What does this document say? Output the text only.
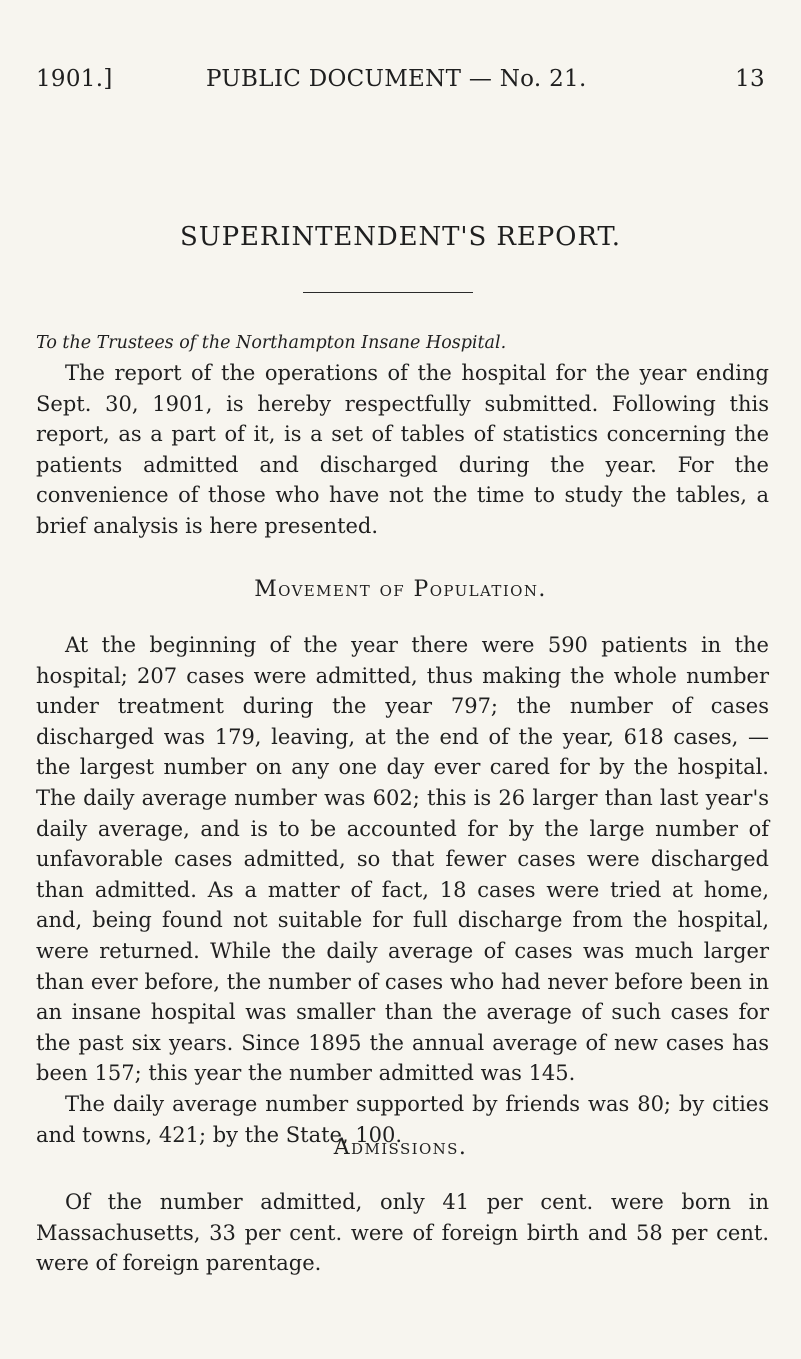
1901.]	PUBLIC DOCUMENT — No. 21.	13
SUPERINTENDENT'S REPORT.
To the Trustees of the Northampton Insane Hospital.

The report of the operations of the hospital for the year ending Sept. 30, 1901, is hereby respectfully submitted. Following this report, as a part of it, is a set of tables of statistics concerning the patients admitted and discharged during the year. For the convenience of those who have not the time to study the tables, a brief analysis is here presented.

Movement of Population.

At the beginning of the year there were 590 patients in the hospital; 207 cases were admitted, thus making the whole number under treatment during the year 797; the number of cases discharged was 179, leaving, at the end of the year, 618 cases, — the largest number on any one day ever cared for by the hospital. The daily average number was 602; this is 26 larger than last year's daily average, and is to be accounted for by the large number of unfavorable cases admitted, so that fewer cases were discharged than admitted. As a matter of fact, 18 cases were tried at home, and, being found not suitable for full discharge from the hospital, were returned. While the daily average of cases was much larger than ever before, the number of cases who had never before been in an insane hospital was smaller than the average of such cases for the past six years. Since 1895 the annual average of new cases has been 157; this year the number admitted was 145.

The daily average number supported by friends was 80; by cities and towns, 421; by the State, 100.

Admissions.

Of the number admitted, only 41 per cent. were born in Massachusetts, 33 per cent. were of foreign birth and 58 per cent. were of foreign parentage.
